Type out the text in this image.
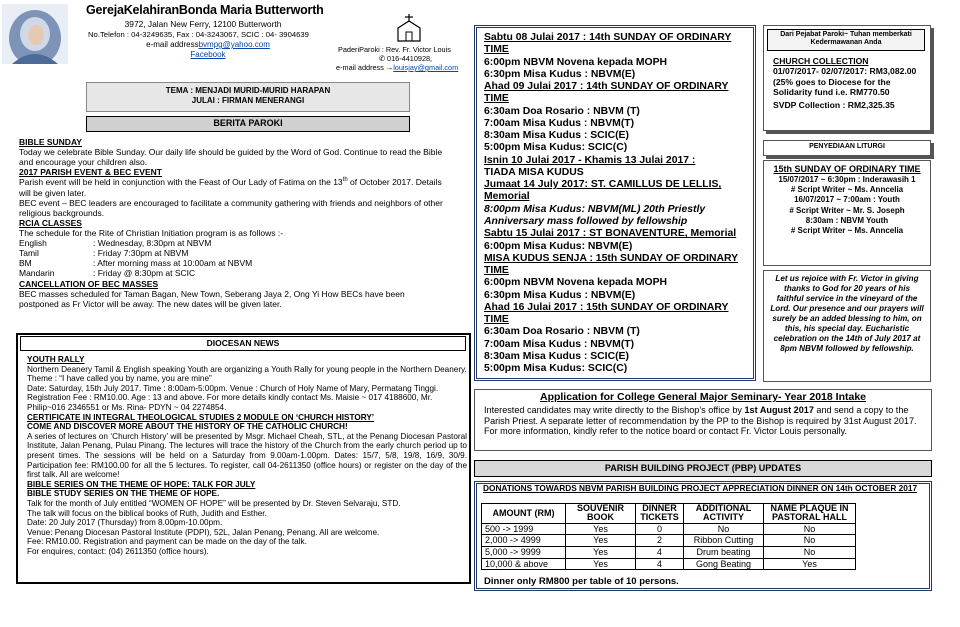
GerejaKelahiranBonda Maria Butterworth
3972, Jalan New Ferry, 12100 Butterworth
No.Telefon : 04-3249635, Fax : 04-3243067, SCIC : 04- 3904639
e-mail addressbvmpg@yahoo.com
Facebook
PaderiParoki : Rev. Fr. Victor Louis
✆ 016-4410928,
e-mail address →louisjay@gmail.com
TEMA : MENJADI MURID-MURID HARAPAN
JULAI : FIRMAN MENERANGI
BERITA PAROKI
BIBLE SUNDAY
Today we celebrate Bible Sunday. Our daily life should be guided by the Word of God. Continue to read the Bible and encourage your children also.
2017 PARISH EVENT & BEC EVENT
Parish event will be held in conjunction with the Feast of Our Lady of Fatima on the 13th of October 2017. Details will be given later.
BEC event – BEC leaders are encouraged to facilitate a community gathering with friends and neighbors of other religious backgrounds.
RCIA CLASSES
The schedule for the Rite of Christian Initiation program is as follows :-
English	: Wednesday, 8:30pm at NBVM
Tamil	: Friday 7:30pm at NBVM
BM	: After morning mass at 10:00am at NBVM
Mandarin	: Friday @ 8:30pm at SCIC
CANCELLATION OF BEC MASSES
BEC masses scheduled for Taman Bagan, New Town, Seberang Jaya 2, Ong Yi How BECs have been postponed as Fr Victor will be away. The new dates will be given later.
DIOCESAN NEWS
YOUTH RALLY
Northern Deanery Tamil & English speaking Youth are organizing a Youth Rally for young people in the Northern Deanery. Theme : “I have called you by name, you are mine”
Date: Saturday, 15th July 2017. Time : 8:00am-5:00pm. Venue : Church of Holy Name of Mary, Permatang Tinggi. Registration Fee : RM10.00. Age : 13 and above. For more details kindly contact Ms. Maisie ~ 017 4188600, Mr. Philip~016 2346551 or Ms. Rina- PDYN ~ 04 2274854.
CERTIFICATE IN INTEGRAL THEOLOGICAL STUDIES 2 MODULE ON ‘CHURCH HISTORY’
COME AND DISCOVER MORE ABOUT THE HISTORY OF THE CATHOLIC CHURCH!
A series of lectures on ‘Church History’ will be presented by Msgr. Michael Cheah, STL, at the Penang Diocesan Pastoral Institute, Jalan Penang, Pulau Pinang. The lectures will trace the history of the Church from the early church period up to present times. The sessions will be held on a Saturday from 9.00am-1.00pm. Dates: 15/7, 5/8, 19/8, 16/9, 30/9. Participation fee: RM100.00 for all the 5 lectures. To register, call 04-2611350 (office hours) or register on the day of the first talk. All are welcome!
BIBLE SERIES ON THE THEME OF HOPE: TALK FOR JULY
BIBLE STUDY SERIES ON THE THEME OF HOPE.
Talk for the month of July entitled “WOMEN OF HOPE” will be presented by Dr. Steven Selvaraju, STD.
The talk will focus on the biblical books of Ruth, Judith and Esther.
Date: 20 July 2017 (Thursday) from 8.00pm-10.00pm.
Venue: Penang Diocesan Pastoral Institute (PDPI), 52L, Jalan Penang, Penang. All are welcome.
Fee: RM10.00. Registration and payment can be made on the day of the talk.
For enquires, contact: (04) 2611350 (office hours).
Sabtu 08 Julai 2017 : 14th SUNDAY OF ORDINARY TIME
6:00pm NBVM Novena kepada MOPH
6:30pm Misa Kudus : NBVM(E)
Ahad 09 Julai 2017 : 14th SUNDAY OF ORDINARY TIME
6:30am Doa Rosario : NBVM (T)
7:00am Misa Kudus : NBVM(T)
8:30am Misa Kudus : SCIC(E)
5:00pm Misa Kudus: SCIC(C)
Isnin 10 Julai 2017 - Khamis 13 Julai 2017 :
TIADA MISA KUDUS
Jumaat 14 July 2017: ST. CAMILLUS DE LELLIS, Memorial
8:00pm Misa Kudus: NBVM(ML) 20th Priestly Anniversary mass followed by fellowship
Sabtu 15 Julai 2017 : ST BONAVENTURE, Memorial
6:00pm Misa Kudus: NBVM(E)
MISA KUDUS SENJA : 15th SUNDAY OF ORDINARY TIME
6:00pm NBVM Novena kepada MOPH
6:30pm Misa Kudus : NBVM(E)
Ahad 16 Julai 2017 : 15th SUNDAY OF ORDINARY TIME
6:30am Doa Rosario : NBVM (T)
7:00am Misa Kudus : NBVM(T)
8:30am Misa Kudus : SCIC(E)
5:00pm Misa Kudus: SCIC(C)
Dari Pejabat Paroki~ Tuhan memberkati Kedermawanan Anda
CHURCH COLLECTION
01/07/2017- 02/07/2017: RM3,082.00
(25% goes to Diocese for the Solidarity fund i.e. RM770.50
SVDP Collection : RM2,325.35
PENYEDIAAN LITURGI
15th SUNDAY OF ORDINARY TIME
15/07/2017 ~ 6:30pm : Inderawasih 1
# Script Writer ~ Ms. Anncelia
16/07/2017 ~ 7:00am : Youth
# Script Writer ~ Mr. S. Joseph
8:30am : NBVM Youth
# Script Writer ~ Ms. Anncelia
Let us rejoice with Fr. Victor in giving thanks to God for 20 years of his faithful service in the vineyard of the Lord. Our presence and our prayers will surely be an added blessing to him, on this, his special day. Eucharistic celebration on the 14th of July 2017 at 8pm NBVM followed by fellowship.
Application for College General Major Seminary- Year 2018 Intake
Interested candidates may write directly to the Bishop’s office by 1st August 2017 and send a copy to the Parish Priest. A separate letter of recommendation by the PP to the Bishop is required by 31st August 2017. For more information, kindly refer to the notice board or contact Fr. Victor Louis personally.
PARISH BUILDING PROJECT (PBP) UPDATES
DONATIONS TOWARDS NBVM PARISH BUILDING PROJECT APPRECIATION DINNER ON 14th OCTOBER 2017
AMOUNT (RM)	SOUVENIR BOOK	DINNER TICKETS	ADDITIONAL ACTIVITY	NAME PLAQUE IN PASTORAL HALL
500 -> 1999	Yes	0	No	No
2,000 -> 4999	Yes	2	Ribbon Cutting	No
5,000 -> 9999	Yes	4	Drum beating	No
10,000 & above	Yes	4	Gong Beating	Yes
Dinner only RM800 per table of 10 persons.
